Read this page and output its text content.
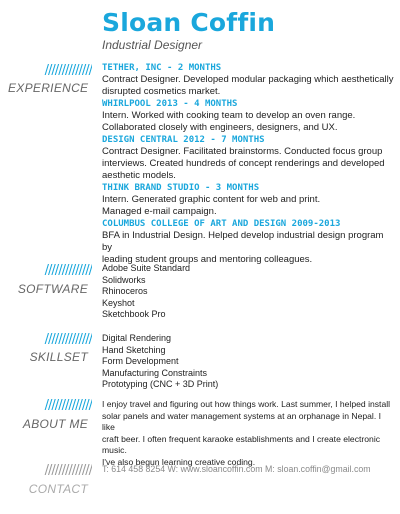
Sloan Coffin
Industrial Designer
//////////////
EXPERIENCE
TETHER, INC - 2 MONTHS
Contract Designer. Developed modular packaging which aesthetically
disrupted cosmetics market.
WHIRLPOOL 2013 - 4 MONTHS
Intern. Worked with cooking team to develop an oven range.
Collaborated closely with engineers, designers, and UX.
DESIGN CENTRAL 2012 - 7 MONTHS
Contract Designer. Facilitated brainstorms. Conducted focus group
interviews. Created hundreds of concept renderings and developed
aesthetic models.
THINK BRAND STUDIO - 3 MONTHS
Intern. Generated graphic content for web and print.
Managed e-mail campaign.
COLUMBUS COLLEGE OF ART AND DESIGN 2009-2013
BFA in Industrial Design. Helped develop industrial design program by
leading student groups and mentoring colleagues.
//////////////
SOFTWARE
Adobe Suite Standard
Solidworks
Rhinoceros
Keyshot
Sketchbook Pro
//////////////
SKILLSET
Digital Rendering
Hand Sketching
Form Development
Manufacturing Constraints
Prototyping (CNC + 3D Print)
//////////////
ABOUT ME
I enjoy travel and figuring out how things work. Last summer, I helped install
solar panels and water management systems at an orphanage in Nepal. I like
craft beer. I often frequent karaoke establishments and I create electronic music.
I've also begun learning creative coding.
//////////////
CONTACT
T: 614 458 8254 W: www.sloancoffin.com M: sloan.coffin@gmail.com
